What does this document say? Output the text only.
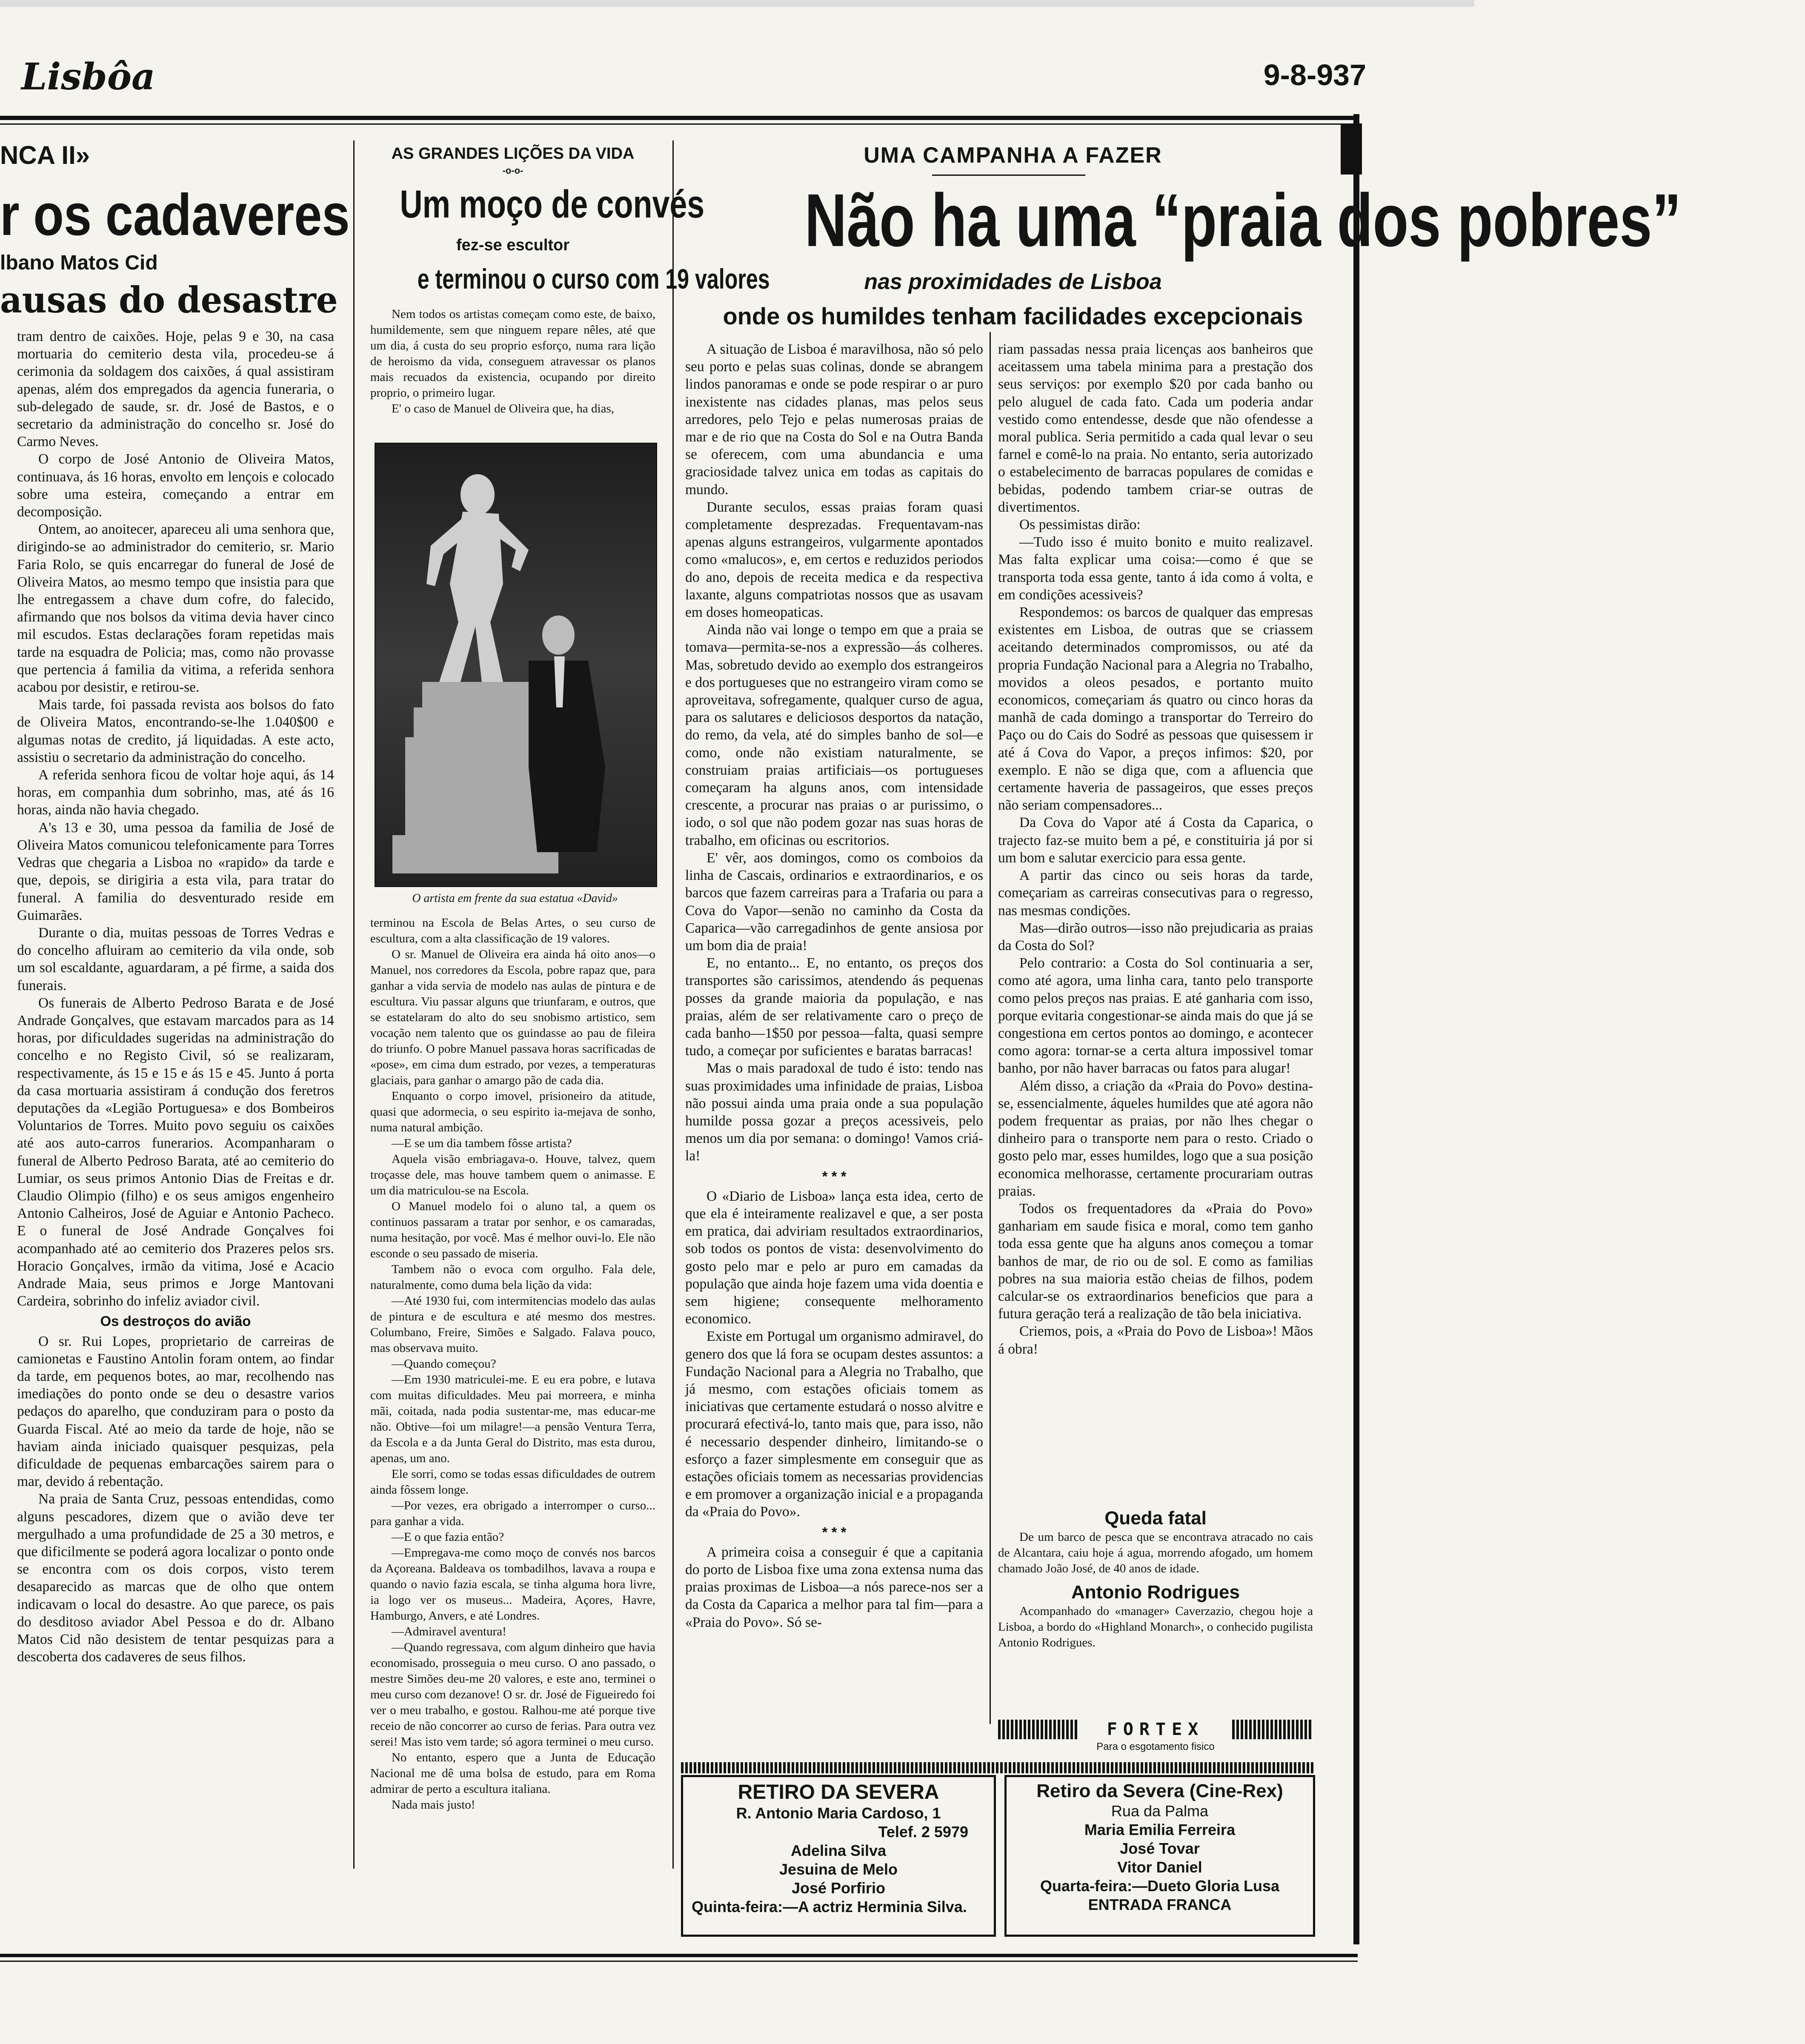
Lisbôa	9-8-937
NCA II»
r os cadaveres
lbano Matos Cid
ausas do desastre

tram dentro de caixões. Hoje, pelas 9 e 30, na casa mortuaria do cemiterio desta vila, procedeu-se á cerimonia da soldagem dos caixões, á qual assistiram apenas, além dos empregados da agencia funeraria, o sub-delegado de saude, sr. dr. José de Bastos, e o secretario da administração do concelho sr. José do Carmo Neves.

O corpo de José Antonio de Oliveira Matos, continuava, ás 16 horas, envolto em lençois e colocado sobre uma esteira, começando a entrar em decomposição.

Ontem, ao anoitecer, apareceu ali uma senhora que, dirigindo-se ao administrador do cemiterio, sr. Mario Faria Rolo, se quis encarregar do funeral de José de Oliveira Matos, ao mesmo tempo que insistia para que lhe entregassem a chave dum cofre, do falecido, afirmando que nos bolsos da vitima devia haver cinco mil escudos. Estas declarações foram repetidas mais tarde na esquadra de Policia; mas, como não provasse que pertencia á familia da vitima, a referida senhora acabou por desistir, e retirou-se.

Mais tarde, foi passada revista aos bolsos do fato de Oliveira Matos, encontrando-se-lhe 1.040$00 e algumas notas de credito, já liquidadas. A este acto, assistiu o secretario da administração do concelho.

A referida senhora ficou de voltar hoje aqui, ás 14 horas, em companhia dum sobrinho, mas, até ás 16 horas, ainda não havia chegado.

A's 13 e 30, uma pessoa da familia de José de Oliveira Matos comunicou telefonicamente para Torres Vedras que chegaria a Lisboa no «rapido» da tarde e que, depois, se dirigiria a esta vila, para tratar do funeral. A familia do desventurado reside em Guimarães.

Durante o dia, muitas pessoas de Torres Vedras e do concelho afluiram ao cemiterio da vila onde, sob um sol escaldante, aguardaram, a pé firme, a saida dos funerais.

Os funerais de Alberto Pedroso Barata e de José Andrade Gonçalves, que estavam marcados para as 14 horas, por dificuldades sugeridas na administração do concelho e no Registo Civil, só se realizaram, respectivamente, ás 15 e 15 e ás 15 e 45. Junto á porta da casa mortuaria assistiram á condução dos feretros deputações da «Legião Portuguesa» e dos Bombeiros Voluntarios de Torres. Muito povo seguiu os caixões até aos auto-carros funerarios. Acompanharam o funeral de Alberto Pedroso Barata, até ao cemiterio do Lumiar, os seus primos Antonio Dias de Freitas e dr. Claudio Olimpio (filho) e os seus amigos engenheiro Antonio Calheiros, José de Aguiar e Antonio Pacheco. E o funeral de José Andrade Gonçalves foi acompanhado até ao cemiterio dos Prazeres pelos srs. Horacio Gonçalves, irmão da vitima, José e Acacio Andrade Maia, seus primos e Jorge Mantovani Cardeira, sobrinho do infeliz aviador civil.

Os destroços do avião

O sr. Rui Lopes, proprietario de carreiras de camionetas e Faustino Antolin foram ontem, ao findar da tarde, em pequenos botes, ao mar, recolhendo nas imediações do ponto onde se deu o desastre varios pedaços do aparelho, que conduziram para o posto da Guarda Fiscal. Até ao meio da tarde de hoje, não se haviam ainda iniciado quaisquer pesquizas, pela dificuldade de pequenas embarcações sairem para o mar, devido á rebentação.

Na praia de Santa Cruz, pessoas entendidas, como alguns pescadores, dizem que o avião deve ter mergulhado a uma profundidade de 25 a 30 metros, e que dificilmente se poderá agora localizar o ponto onde se encontra com os dois corpos, visto terem desaparecido as marcas que de olho que ontem indicavam o local do desastre. Ao que parece, os pais do desditoso aviador Abel Pessoa e do dr. Albano Matos Cid não desistem de tentar pesquizas para a descoberta dos cadaveres de seus filhos.

AS GRANDES LIÇÕES DA VIDA
-o-o-
Um moço de convés
fez-se escultor
e terminou o curso com 19 valores

Nem todos os artistas começam como este, de baixo, humildemente, sem que ninguem repare nêles, até que um dia, á custa do seu proprio esforço, numa rara lição de heroismo da vida, conseguem atravessar os planos mais recuados da existencia, ocupando por direito proprio, o primeiro lugar.

E' o caso de Manuel de Oliveira que, ha dias,

O artista em frente da sua estatua «David»

terminou na Escola de Belas Artes, o seu curso de escultura, com a alta classificação de 19 valores.

O sr. Manuel de Oliveira era ainda há oito anos—o Manuel, nos corredores da Escola, pobre rapaz que, para ganhar a vida servia de modelo nas aulas de pintura e de escultura. Viu passar alguns que triunfaram, e outros, que se estatelaram do alto do seu snobismo artistico, sem vocação nem talento que os guindasse ao pau de fileira do triunfo. O pobre Manuel passava horas sacrificadas de «pose», em cima dum estrado, por vezes, a temperaturas glaciais, para ganhar o amargo pão de cada dia.

Enquanto o corpo imovel, prisioneiro da atitude, quasi que adormecia, o seu espirito ia-mejava de sonho, numa natural ambição.

—E se um dia tambem fôsse artista?

Aquela visão embriagava-o. Houve, talvez, quem troçasse dele, mas houve tambem quem o animasse. E um dia matriculou-se na Escola.

O Manuel modelo foi o aluno tal, a quem os continuos passaram a tratar por senhor, e os camaradas, numa hesitação, por você. Mas é melhor ouvi-lo. Ele não esconde o seu passado de miseria.

Tambem não o evoca com orgulho. Fala dele, naturalmente, como duma bela lição da vida:

—Até 1930 fui, com intermitencias modelo das aulas de pintura e de escultura e até mesmo dos mestres. Columbano, Freire, Simões e Salgado. Falava pouco, mas observava muito.

—Quando começou?

—Em 1930 matriculei-me. E eu era pobre, e lutava com muitas dificuldades. Meu pai morreera, e minha mãi, coitada, nada podia sustentar-me, mas educar-me não. Obtive—foi um milagre!—a pensão Ventura Terra, da Escola e a da Junta Geral do Distrito, mas esta durou, apenas, um ano.

Ele sorri, como se todas essas dificuldades de outrem ainda fôssem longe.

—Por vezes, era obrigado a interromper o curso... para ganhar a vida.

—E o que fazia então?

—Empregava-me como moço de convés nos barcos da Açoreana. Baldeava os tombadilhos, lavava a roupa e quando o navio fazia escala, se tinha alguma hora livre, ia logo ver os museus... Madeira, Açores, Havre, Hamburgo, Anvers, e até Londres.

—Admiravel aventura!

—Quando regressava, com algum dinheiro que havia economisado, prosseguia o meu curso. O ano passado, o mestre Simões deu-me 20 valores, e este ano, terminei o meu curso com dezanove! O sr. dr. José de Figueiredo foi ver o meu trabalho, e gostou. Ralhou-me até porque tive receio de não concorrer ao curso de ferias. Para outra vez serei! Mas isto vem tarde; só agora terminei o meu curso.

No entanto, espero que a Junta de Educação Nacional me dê uma bolsa de estudo, para em Roma admirar de perto a escultura italiana.

Nada mais justo!

UMA CAMPANHA A FAZER
Não ha uma “praia dos pobres”
nas proximidades de Lisboa
onde os humildes tenham facilidades excepcionais

A situação de Lisboa é maravilhosa, não só pelo seu porto e pelas suas colinas, donde se abrangem lindos panoramas e onde se pode respirar o ar puro inexistente nas cidades planas, mas pelos seus arredores, pelo Tejo e pelas numerosas praias de mar e de rio que na Costa do Sol e na Outra Banda se oferecem, com uma abundancia e uma graciosidade talvez unica em todas as capitais do mundo.

Durante seculos, essas praias foram quasi completamente desprezadas. Frequentavam-nas apenas alguns estrangeiros, vulgarmente apontados como «malucos», e, em certos e reduzidos periodos do ano, depois de receita medica e da respectiva laxante, alguns compatriotas nossos que as usavam em doses homeopaticas.

Ainda não vai longe o tempo em que a praia se tomava—permita-se-nos a expressão—ás colheres. Mas, sobretudo devido ao exemplo dos estrangeiros e dos portugueses que no estrangeiro viram como se aproveitava, sofregamente, qualquer curso de agua, para os salutares e deliciosos desportos da natação, do remo, da vela, até do simples banho de sol—e como, onde não existiam naturalmente, se construiam praias artificiais—os portugueses começaram ha alguns anos, com intensidade crescente, a procurar nas praias o ar purissimo, o iodo, o sol que não podem gozar nas suas horas de trabalho, em oficinas ou escritorios.

E' vêr, aos domingos, como os comboios da linha de Cascais, ordinarios e extraordinarios, e os barcos que fazem carreiras para a Trafaria ou para a Cova do Vapor—senão no caminho da Costa da Caparica—vão carregadinhos de gente ansiosa por um bom dia de praia!

E, no entanto... E, no entanto, os preços dos transportes são carissimos, atendendo ás pequenas posses da grande maioria da população, e nas praias, além de ser relativamente caro o preço de cada banho—1$50 por pessoa—falta, quasi sempre tudo, a começar por suficientes e baratas barracas!

Mas o mais paradoxal de tudo é isto: tendo nas suas proximidades uma infinidade de praias, Lisboa não possui ainda uma praia onde a sua população humilde possa gozar a preços acessiveis, pelo menos um dia por semana: o domingo! Vamos criá-la!

* * *

O «Diario de Lisboa» lança esta idea, certo de que ela é inteiramente realizavel e que, a ser posta em pratica, dai adviriam resultados extraordinarios, sob todos os pontos de vista: desenvolvimento do gosto pelo mar e pelo ar puro em camadas da população que ainda hoje fazem uma vida doentia e sem higiene; consequente melhoramento economico.

Existe em Portugal um organismo admiravel, do genero dos que lá fora se ocupam destes assuntos: a Fundação Nacional para a Alegria no Trabalho, que já mesmo, com estações oficiais tomem as iniciativas que certamente estudará o nosso alvitre e procurará efectivá-lo, tanto mais que, para isso, não é necessario despender dinheiro, limitando-se o esforço a fazer simplesmente em conseguir que as estações oficiais tomem as necessarias providencias e em promover a organização inicial e a propaganda da «Praia do Povo».

* * *

A primeira coisa a conseguir é que a capitania do porto de Lisboa fixe uma zona extensa numa das praias proximas de Lisboa—a nós parece-nos ser a da Costa da Caparica a melhor para tal fim—para a «Praia do Povo». Só se-

riam passadas nessa praia licenças aos banheiros que aceitassem uma tabela minima para a prestação dos seus serviços: por exemplo $20 por cada banho ou pelo aluguel de cada fato. Cada um poderia andar vestido como entendesse, desde que não ofendesse a moral publica. Seria permitido a cada qual levar o seu farnel e comê-lo na praia. No entanto, seria autorizado o estabelecimento de barracas populares de comidas e bebidas, podendo tambem criar-se outras de divertimentos.

Os pessimistas dirão:

—Tudo isso é muito bonito e muito realizavel. Mas falta explicar uma coisa:—como é que se transporta toda essa gente, tanto á ida como á volta, e em condições acessiveis?

Respondemos: os barcos de qualquer das empresas existentes em Lisboa, de outras que se criassem aceitando determinados compromissos, ou até da propria Fundação Nacional para a Alegria no Trabalho, movidos a oleos pesados, e portanto muito economicos, começariam ás quatro ou cinco horas da manhã de cada domingo a transportar do Terreiro do Paço ou do Cais do Sodré as pessoas que quisessem ir até á Cova do Vapor, a preços infimos: $20, por exemplo. E não se diga que, com a afluencia que certamente haveria de passageiros, que esses preços não seriam compensadores...

Da Cova do Vapor até á Costa da Caparica, o trajecto faz-se muito bem a pé, e constituiria já por si um bom e salutar exercicio para essa gente.

A partir das cinco ou seis horas da tarde, começariam as carreiras consecutivas para o regresso, nas mesmas condições.

Mas—dirão outros—isso não prejudicaria as praias da Costa do Sol?

Pelo contrario: a Costa do Sol continuaria a ser, como até agora, uma linha cara, tanto pelo transporte como pelos preços nas praias. E até ganharia com isso, porque evitaria congestionar-se ainda mais do que já se congestiona em certos pontos ao domingo, e acontecer como agora: tornar-se a certa altura impossivel tomar banho, por não haver barracas ou fatos para alugar!

Além disso, a criação da «Praia do Povo» destina-se, essencialmente, áqueles humildes que até agora não podem frequentar as praias, por não lhes chegar o dinheiro para o transporte nem para o resto. Criado o gosto pelo mar, esses humildes, logo que a sua posição economica melhorasse, certamente procurariam outras praias.

Todos os frequentadores da «Praia do Povo» ganhariam em saude fisica e moral, como tem ganho toda essa gente que ha alguns anos começou a tomar banhos de mar, de rio ou de sol. E como as familias pobres na sua maioria estão cheias de filhos, podem calcular-se os extraordinarios beneficios que para a futura geração terá a realização de tão bela iniciativa.

Criemos, pois, a «Praia do Povo de Lisboa»! Mãos á obra!

Queda fatal

De um barco de pesca que se encontrava atracado no cais de Alcantara, caiu hoje á agua, morrendo afogado, um homem chamado João José, de 40 anos de idade.

Antonio Rodrigues

Acompanhado do «manager» Caverzazio, chegou hoje a Lisboa, a bordo do «Highland Monarch», o conhecido pugilista Antonio Rodrigues.

FORTEX
Para o esgotamento fisico
RETIRO DA SEVERA
R. Antonio Maria Cardoso, 1
Telef. 2 5979
Adelina Silva
Jesuina de Melo
José Porfirio
Quinta-feira:—A actriz Herminia Silva.
Retiro da Severa (Cine-Rex)
Rua da Palma
Maria Emilia Ferreira
José Tovar
Vitor Daniel
Quarta-feira:—Dueto Gloria Lusa
ENTRADA FRANCA
